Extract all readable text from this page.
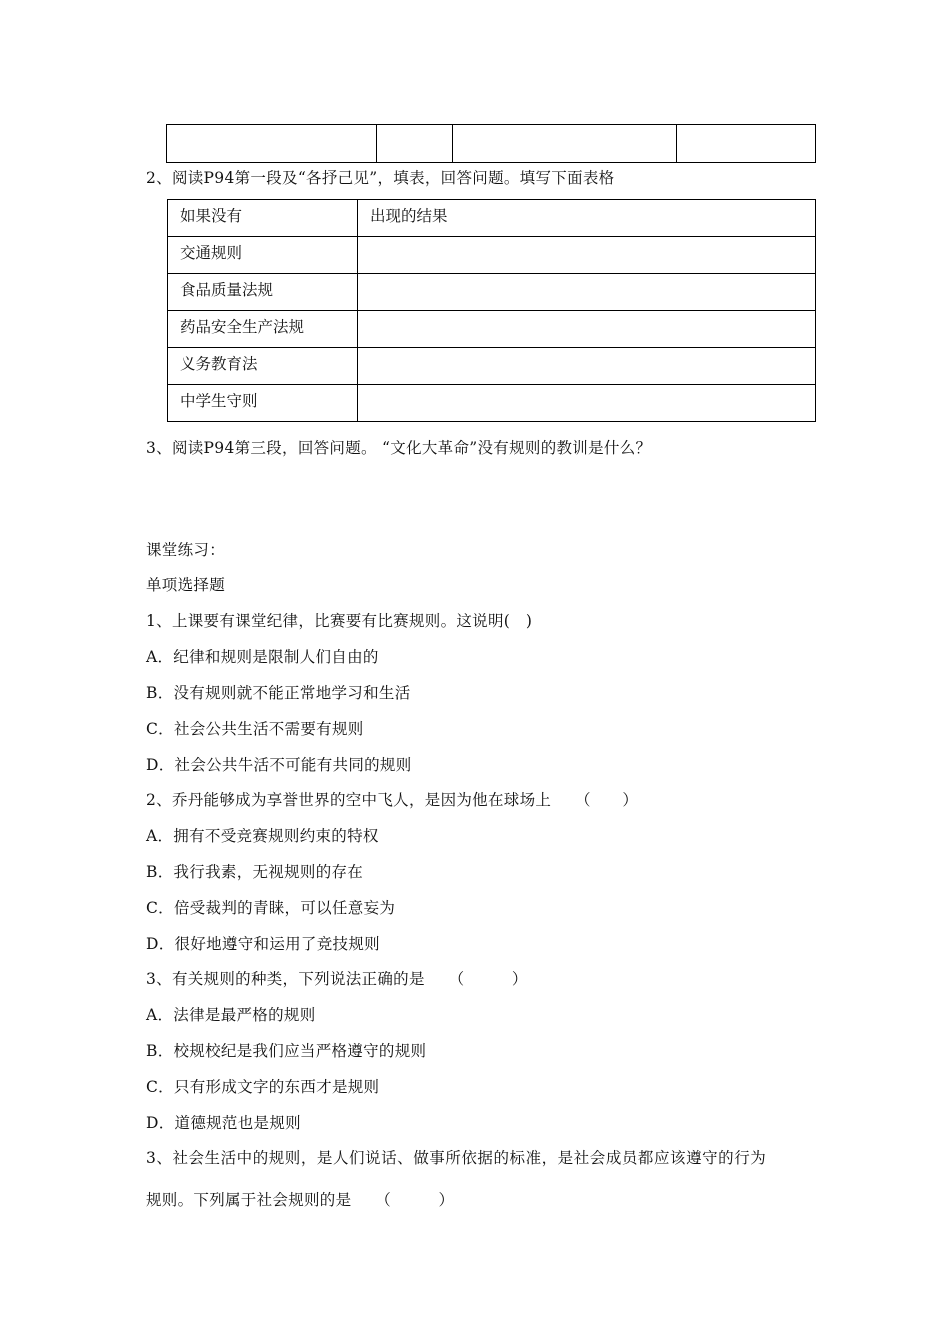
2、阅读P94第一段及“各抒己见”，填表，回答问题。填写下面表格
如果没有	出现的结果
交通规则	
食品质量法规	
药品安全生产法规	
义务教育法	
中学生守则	
3、阅读P94第三段，回答问题。 “文化大革命”没有规则的教训是什么？
课堂练习：
单项选择题
1、上课要有课堂纪律，比赛要有比赛规则。这说明(　)
A．纪律和规则是限制人们自由的
B．没有规则就不能正常地学习和生活
C．社会公共生活不需要有规则
D．社会公共牛活不可能有共同的规则
2、乔丹能够成为享誉世界的空中飞人，是因为他在球场上　　（　　）
A．拥有不受竞赛规则约束的特权
B．我行我素，无视规则的存在
C．倍受裁判的青睐，可以任意妄为
D．很好地遵守和运用了竞技规则
3、有关规则的种类，下列说法正确的是　　（　　　）
A．法律是最严格的规则
B．校规校纪是我们应当严格遵守的规则
C．只有形成文字的东西才是规则
D．道德规范也是规则
3、社会生活中的规则，是人们说话、做事所依据的标准，是社会成员都应该遵守的行为
规则。下列属于社会规则的是　　（　　　）
